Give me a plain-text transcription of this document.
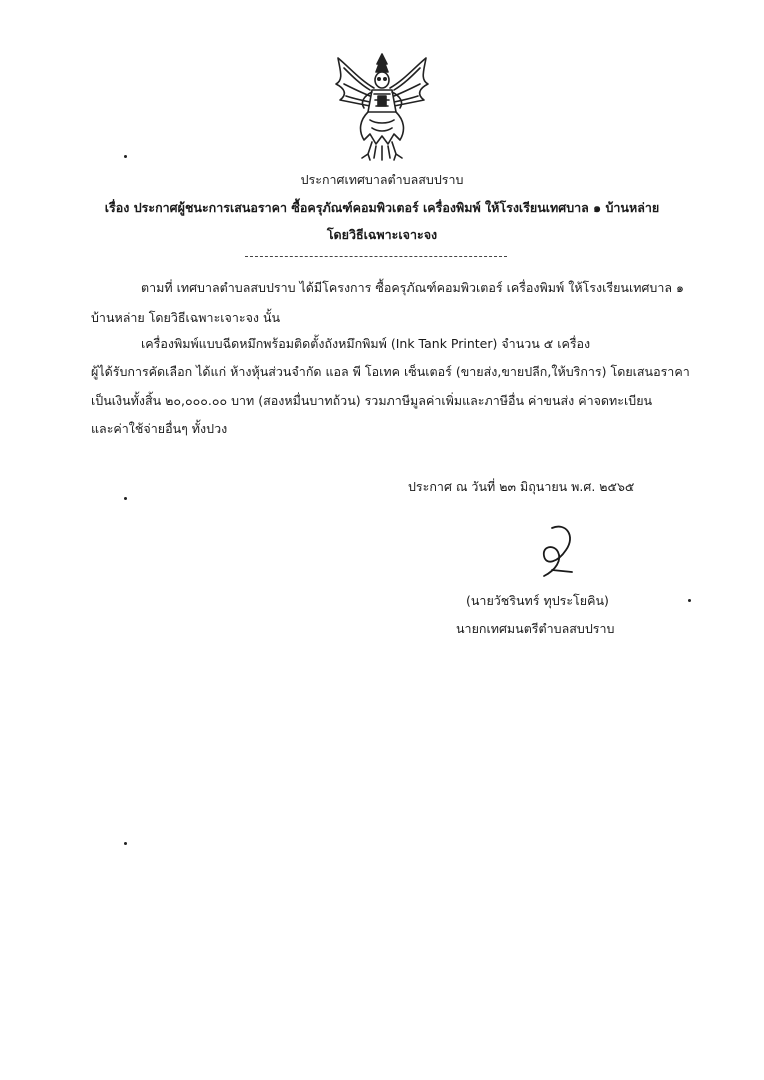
ประกาศเทศบาลตำบลสบปราบ
เรื่อง ประกาศผู้ชนะการเสนอราคา ซื้อครุภัณฑ์คอมพิวเตอร์ เครื่องพิมพ์ ให้โรงเรียนเทศบาล ๑ บ้านหล่าย
โดยวิธีเฉพาะเจาะจง
ตามที่ เทศบาลตำบลสบปราบ ได้มีโครงการ ซื้อครุภัณฑ์คอมพิวเตอร์ เครื่องพิมพ์ ให้โรงเรียนเทศบาล ๑
บ้านหล่าย โดยวิธีเฉพาะเจาะจง นั้น
เครื่องพิมพ์แบบฉีดหมึกพร้อมติดตั้งถังหมึกพิมพ์ (Ink Tank Printer) จำนวน ๕ เครื่อง
ผู้ได้รับการคัดเลือก ได้แก่ ห้างหุ้นส่วนจำกัด แอล พี โอเทค เซ็นเตอร์ (ขายส่ง,ขายปลีก,ให้บริการ) โดยเสนอราคา
เป็นเงินทั้งสิ้น ๒๐,๐๐๐.๐๐ บาท (สองหมื่นบาทถ้วน) รวมภาษีมูลค่าเพิ่มและภาษีอื่น ค่าขนส่ง ค่าจดทะเบียน
และค่าใช้จ่ายอื่นๆ ทั้งปวง
ประกาศ ณ วันที่ ๒๓ มิถุนายน พ.ศ. ๒๕๖๕
(นายวัชรินทร์ ทุประโยคิน)
นายกเทศมนตรีตำบลสบปราบ
